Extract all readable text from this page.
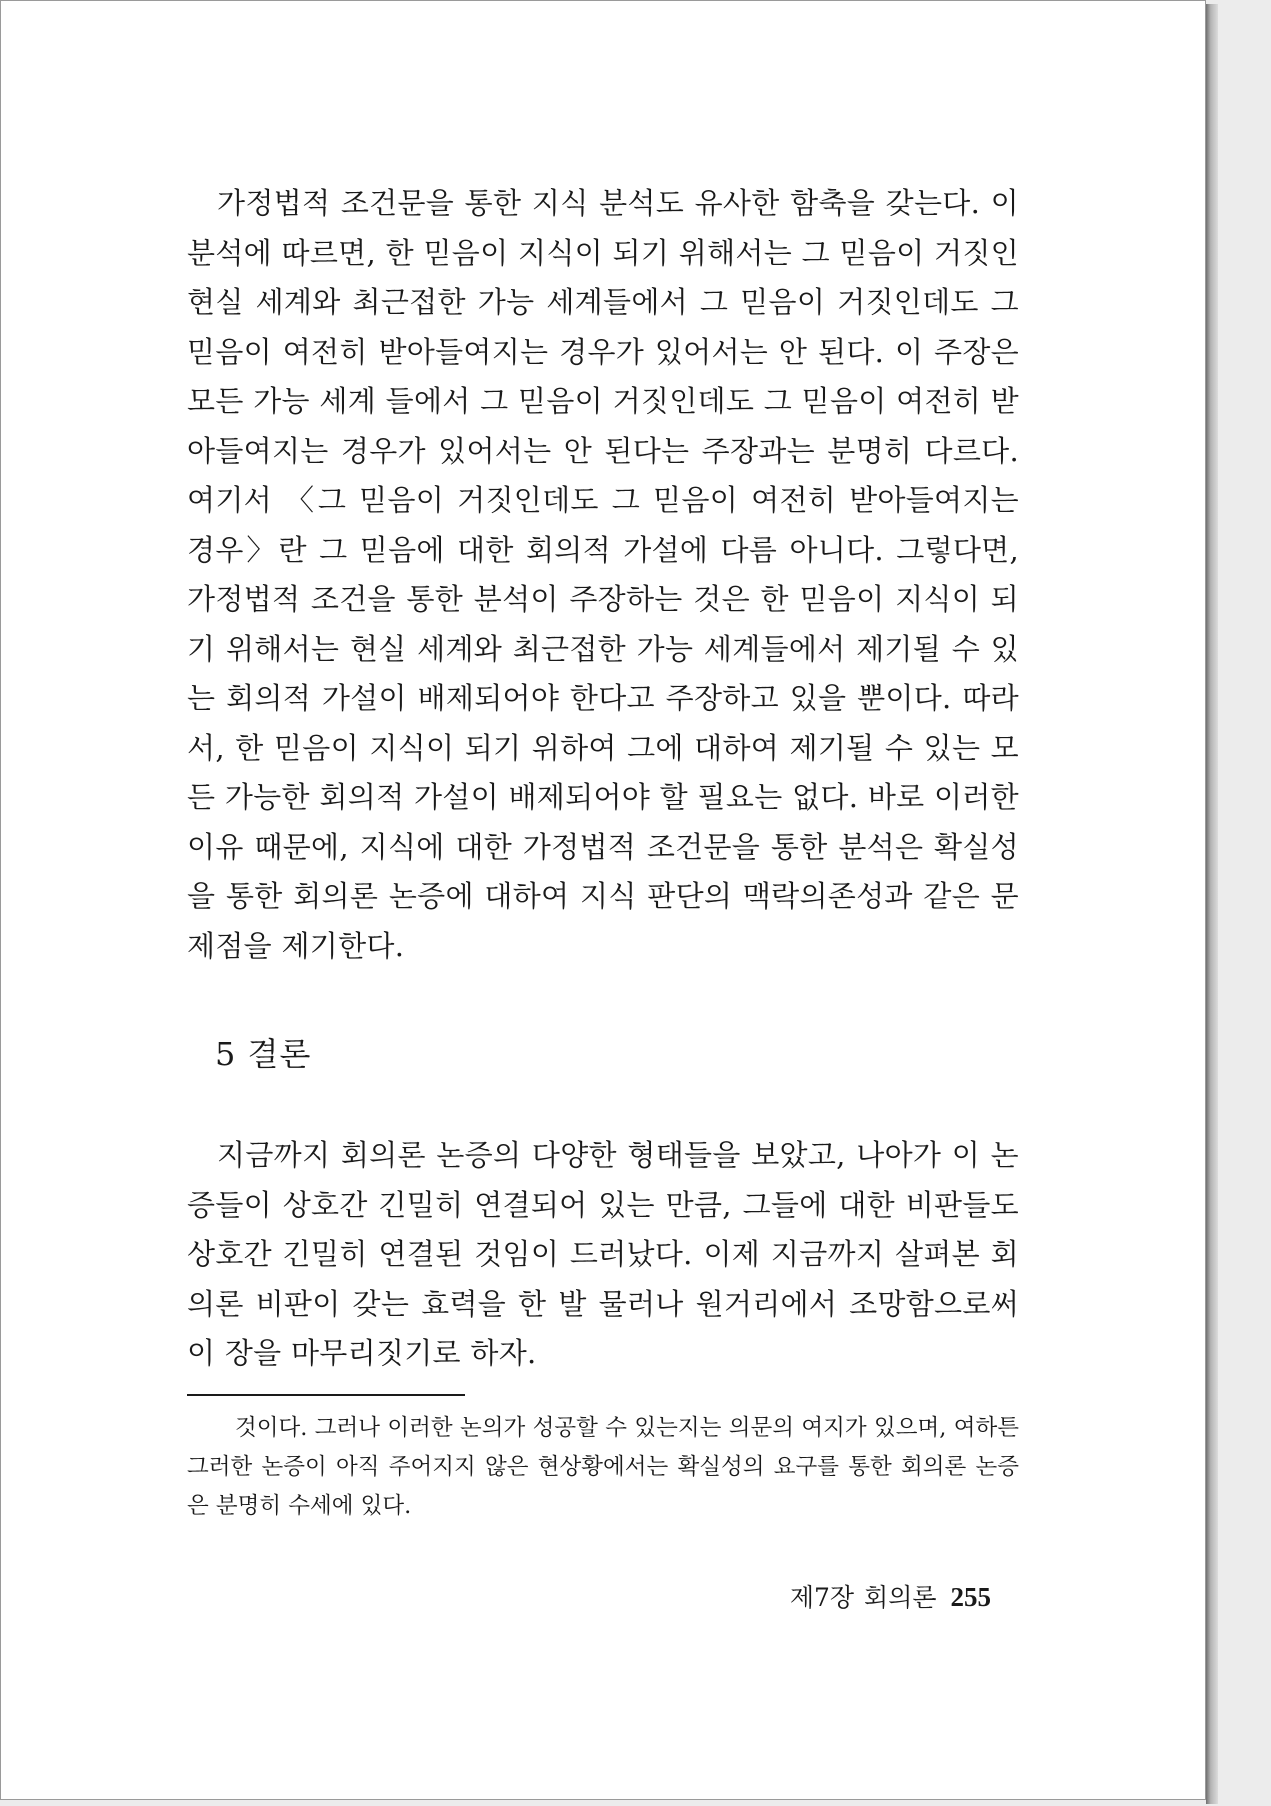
가정법적 조건문을 통한 지식 분석도 유사한 함축을 갖는다. 이 분석에 따르면, 한 믿음이 지식이 되기 위해서는 그 믿음이 거짓인 현실 세계와 최근접한 가능 세계들에서 그 믿음이 거짓인데도 그 믿음이 여전히 받아들여지는 경우가 있어서는 안 된다. 이 주장은 모든 가능 세계 들에서 그 믿음이 거짓인데도 그 믿음이 여전히 받아들여지는 경우가 있어서는 안 된다는 주장과는 분명히 다르다. 여기서 〈그 믿음이 거짓인데도 그 믿음이 여전히 받아들여지는 경우〉란 그 믿음에 대한 회의적 가설에 다름 아니다. 그렇다면, 가정법적 조건을 통한 분석이 주장하는 것은 한 믿음이 지식이 되기 위해서는 현실 세계와 최근접한 가능 세계들에서 제기될 수 있는 회의적 가설이 배제되어야 한다고 주장하고 있을 뿐이다. 따라서, 한 믿음이 지식이 되기 위하여 그에 대하여 제기될 수 있는 모든 가능한 회의적 가설이 배제되어야 할 필요는 없다. 바로 이러한 이유 때문에, 지식에 대한 가정법적 조건문을 통한 분석은 확실성을 통한 회의론 논증에 대하여 지식 판단의 맥락의존성과 같은 문제점을 제기한다.

5 결론

지금까지 회의론 논증의 다양한 형태들을 보았고, 나아가 이 논증들이 상호간 긴밀히 연결되어 있는 만큼, 그들에 대한 비판들도 상호간 긴밀히 연결된 것임이 드러났다. 이제 지금까지 살펴본 회의론 비판이 갖는 효력을 한 발 물러나 원거리에서 조망함으로써 이 장을 마무리짓기로 하자.

것이다. 그러나 이러한 논의가 성공할 수 있는지는 의문의 여지가 있으며, 여하튼 그러한 논증이 아직 주어지지 않은 현상황에서는 확실성의 요구를 통한 회의론 논증은 분명히 수세에 있다.

제7장 회의론 255
